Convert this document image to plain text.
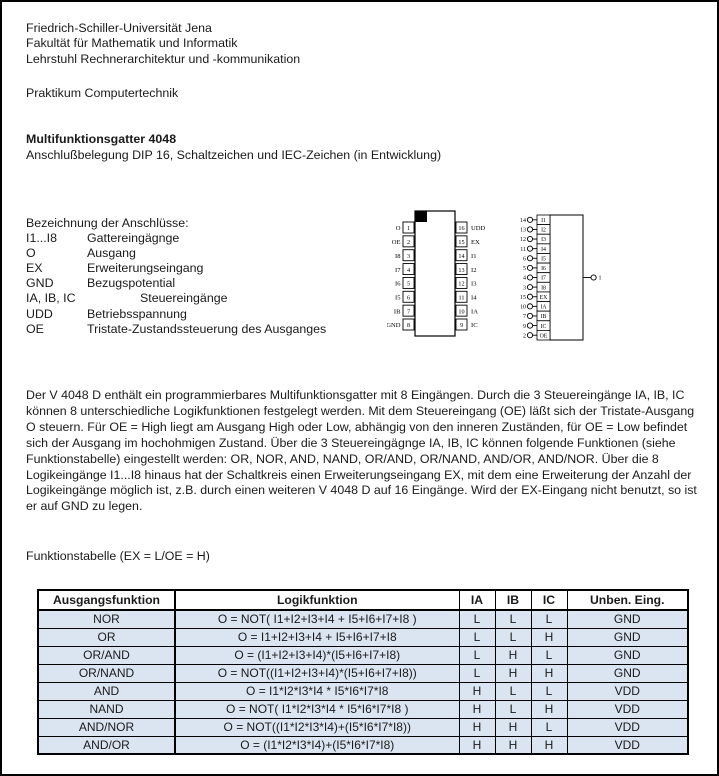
Friedrich-Schiller-Universität Jena
Fakultät für Mathematik und Informatik
Lehrstuhl Rechnerarchitektur und -kommunikation
Praktikum Computertechnik
Multifunktionsgatter 4048
Anschlußbelegung DIP 16, Schaltzeichen und IEC-Zeichen (in Entwicklung)
Bezeichnung der Anschlüsse:
I1...I8 Gattereingägnge
O	Ausgang
EX	Erweiterungseingang
GND	Bezugspotential
IA, IB, IC	Steuereingänge
UDD	Betriebsspannung
OE	Tristate-Zustandssteuerung des Ausganges
1
O
2
OE
3
I8
4
I7
5
I6
6
I5
7
IB
8
GND
16 UDD
15 EX
14 I1
13 I2
12 I3
11 I4
10 IA
9 IC
I1
14
I2
13
I3
12
I4
11
I5
6
I6
5
I7
4
I8
3
EX
15
IA
10
IB
7
IC
9
OE
2
1
Der V 4048 D enthält ein programmierbares Multifunktionsgatter mit 8 Eingängen. Durch die 3 Steuereingänge IA, IB, IC können 8 unterschiedliche Logikfunktionen festgelegt werden. Mit dem Steuereingang (OE) läßt sich der Tristate-Ausgang O steuern. Für OE = High liegt am Ausgang High oder Low, abhängig von den inneren Zuständen, für OE = Low befindet sich der Ausgang im hochohmigen Zustand. Über die 3 Steuereingägnge IA, IB, IC können folgende Funktionen (siehe Funktionstabelle) eingestellt werden: OR, NOR, AND, NAND, OR/AND, OR/NAND, AND/OR, AND/NOR. Über die 8 Logikeingänge I1...I8 hinaus hat der Schaltkreis einen Erweiterungseingang EX, mit dem eine Erweiterung der Anzahl der Logikeingänge möglich ist, z.B. durch einen weiteren V 4048 D auf 16 Eingänge. Wird der EX-Eingang nicht benutzt, so ist er auf GND zu legen.
Funktionstabelle (EX = L/OE = H)
Ausgangsfunktion	Logikfunktion	IA	IB	IC	Unben. Eing.
NOR	O = NOT( I1+I2+I3+I4 + I5+I6+I7+I8 )	L	L	L	GND
OR	O = I1+I2+I3+I4 + I5+I6+I7+I8	L	L	H	GND
OR/AND	O = (I1+I2+I3+I4)*(I5+I6+I7+I8)	L	H	L	GND
OR/NAND	O = NOT((I1+I2+I3+I4)*(I5+I6+I7+I8))	L	H	H	GND
AND	O = I1*I2*I3*I4 * I5*I6*I7*I8	H	L	L	VDD
NAND	O = NOT( I1*I2*I3*I4 * I5*I6*I7*I8 )	H	L	H	VDD
AND/NOR	O = NOT((I1*I2*I3*I4)+(I5*I6*I7*I8))	H	H	L	VDD
AND/OR	O = (I1*I2*I3*I4)+(I5*I6*I7*I8)	H	H	H	VDD
